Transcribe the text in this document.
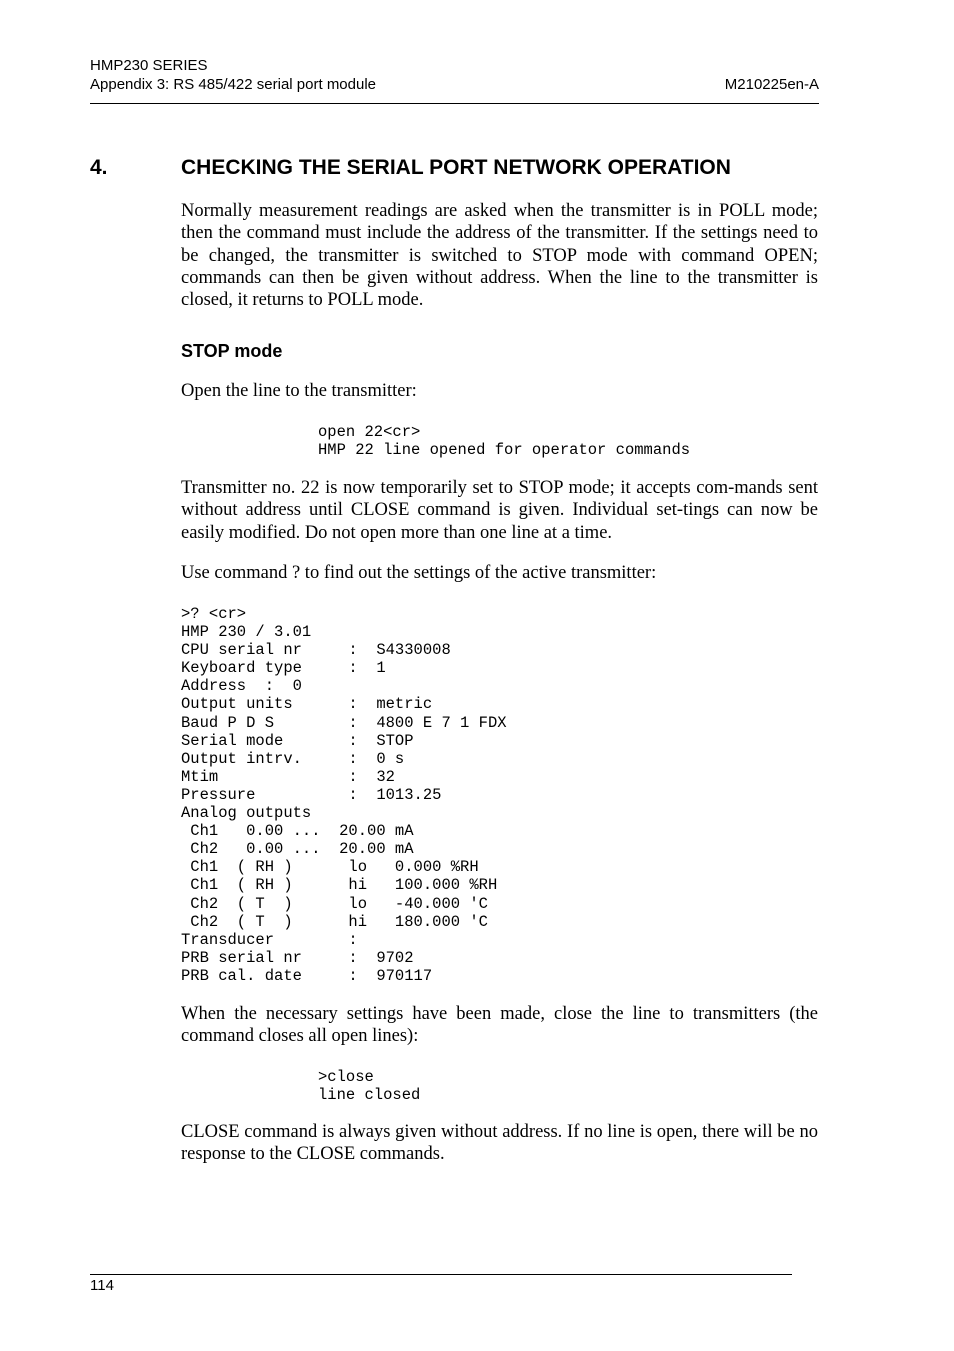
HMP230 SERIES
Appendix 3: RS 485/422 serial port module	M210225en-A
4.	CHECKING THE SERIAL PORT NETWORK OPERATION

Normally measurement readings are asked when the transmitter is in POLL mode; then the command must include the address of the transmitter. If the settings need to be changed, the transmitter is switched to STOP mode with command OPEN; commands can then be given without address. When the line to the transmitter is closed, it returns to POLL mode.

STOP mode

Open the line to the transmitter:

open 22<cr>
HMP 22 line opened for operator commands

Transmitter no. 22 is now temporarily set to STOP mode; it accepts com-mands sent without address until CLOSE command is given. Individual set-tings can now be easily modified. Do not open more than one line at a time.

Use command ? to find out the settings of the active transmitter:

>? <cr>
HMP 230 / 3.01
CPU serial nr     :  S4330008
Keyboard type     :  1
Address  :  0
Output units      :  metric
Baud P D S        :  4800 E 7 1 FDX
Serial mode       :  STOP
Output intrv.     :  0 s
Mtim              :  32
Pressure          :  1013.25
Analog outputs
Ch1   0.00 ...  20.00 mA
Ch2   0.00 ...  20.00 mA
Ch1  ( RH )      lo   0.000 %RH
Ch1  ( RH )      hi   100.000 %RH
Ch2  ( T  )      lo   -40.000 'C
Ch2  ( T  )      hi   180.000 'C
Transducer        :
PRB serial nr     :  9702
PRB cal. date     :  970117

When the necessary settings have been made, close the line to transmitters (the command closes all open lines):

>close
line closed

CLOSE command is always given without address. If no line is open, there will be no response to the CLOSE commands.

114
